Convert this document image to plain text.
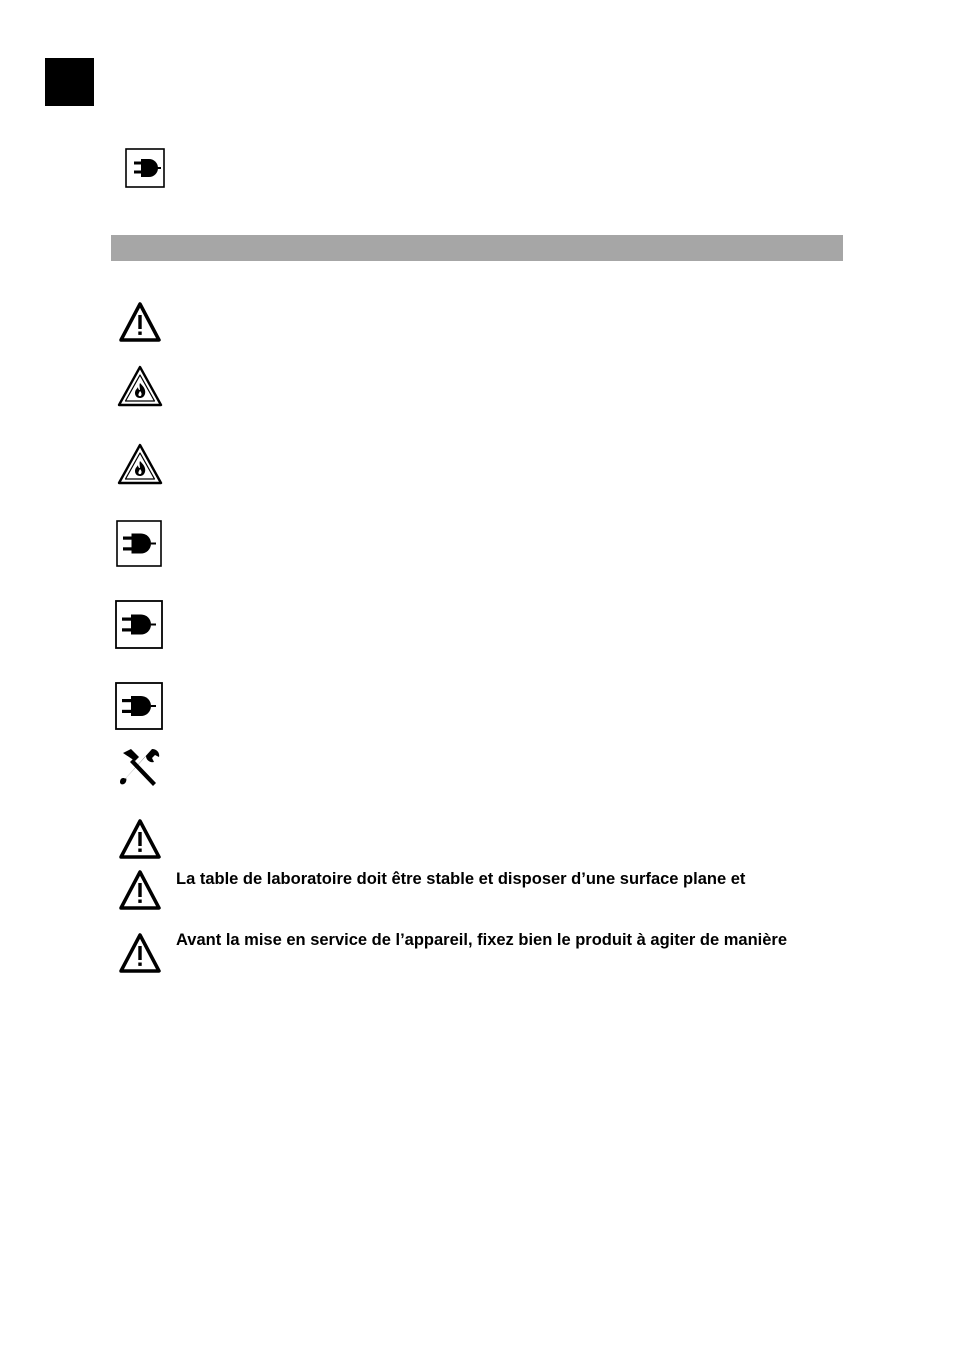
La table de laboratoire doit être stable et disposer d’une surface plane et
Avant la mise en service de l’appareil, fixez bien le produit à agiter de manière
